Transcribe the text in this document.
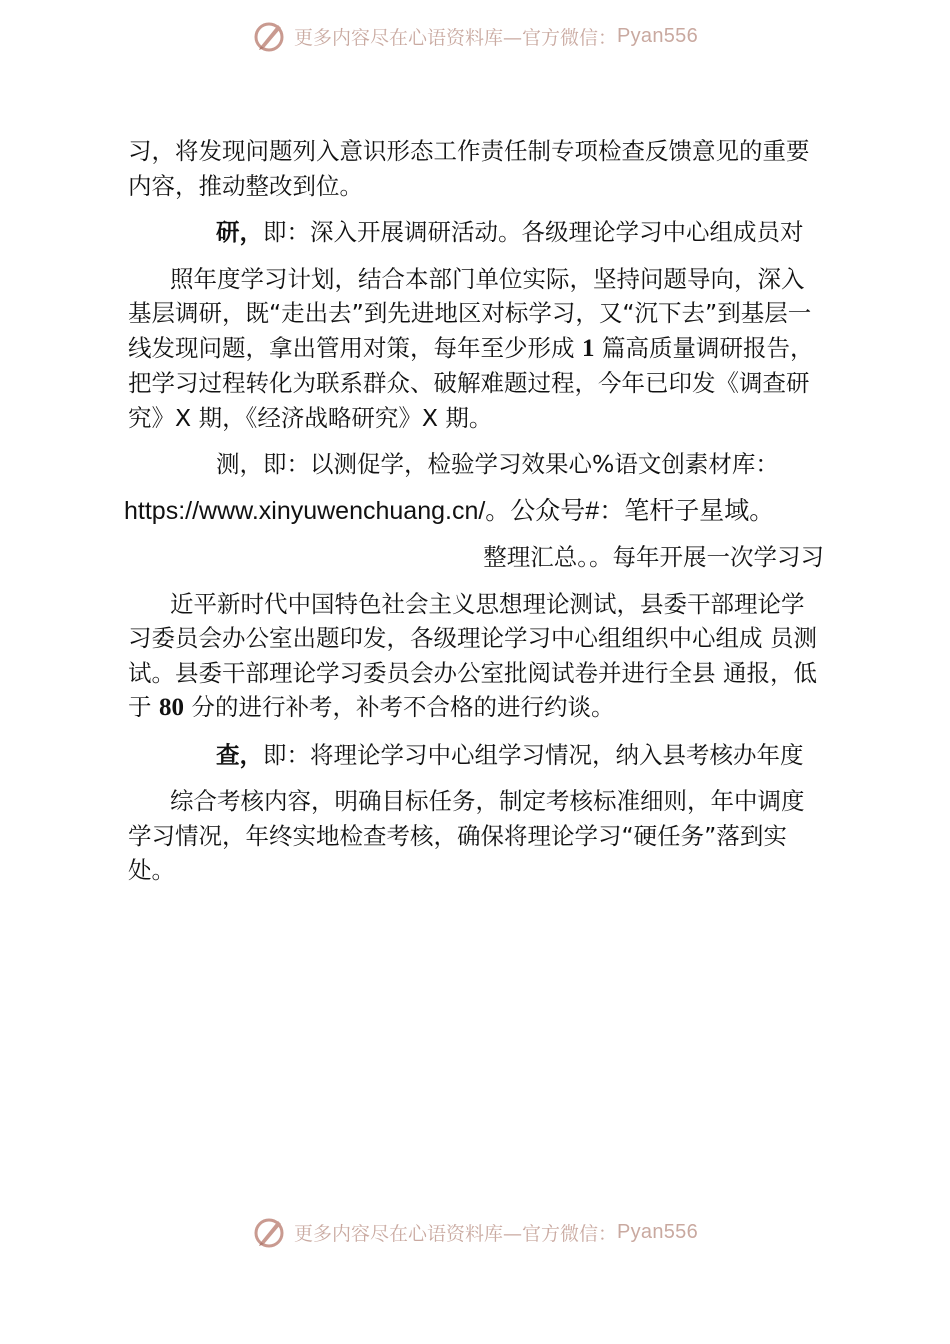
更多内容尽在心语资料库—官方微信： Pyan556

习，将发现问题列入意识形态工作责任制专项检查反馈意见的重要内容，推动整改到位。

研，即：深入开展调研活动。各级理论学习中心组成员对

照年度学习计划，结合本部门单位实际，坚持问题导向，深入基层调研，既“走出去”到先进地区对标学习，又“沉下去”到基层一线发现问题，拿出管用对策，每年至少形成 1 篇高质量调研报告，把学习过程转化为联系群众、破解难题过程，今年已印发《调查研究》X 期，《经济战略研究》X 期。

测，即：以测促学，检验学习效果心%语文创素材库：

https://www.xinyuwenchuang.cn/。公众号#：笔杆子星域。

整理汇总。。每年开展一次学习习

近平新时代中国特色社会主义思想理论测试，县委干部理论学习委员会办公室出题印发，各级理论学习中心组组织中心组成 员测试。县委干部理论学习委员会办公室批阅试卷并进行全县 通报，低于 80 分的进行补考，补考不合格的进行约谈。

查，即：将理论学习中心组学习情况，纳入县考核办年度

综合考核内容，明确目标任务，制定考核标准细则，年中调度学习情况，年终实地检查考核，确保将理论学习“硬任务”落到实处。

更多内容尽在心语资料库—官方微信： Pyan556
